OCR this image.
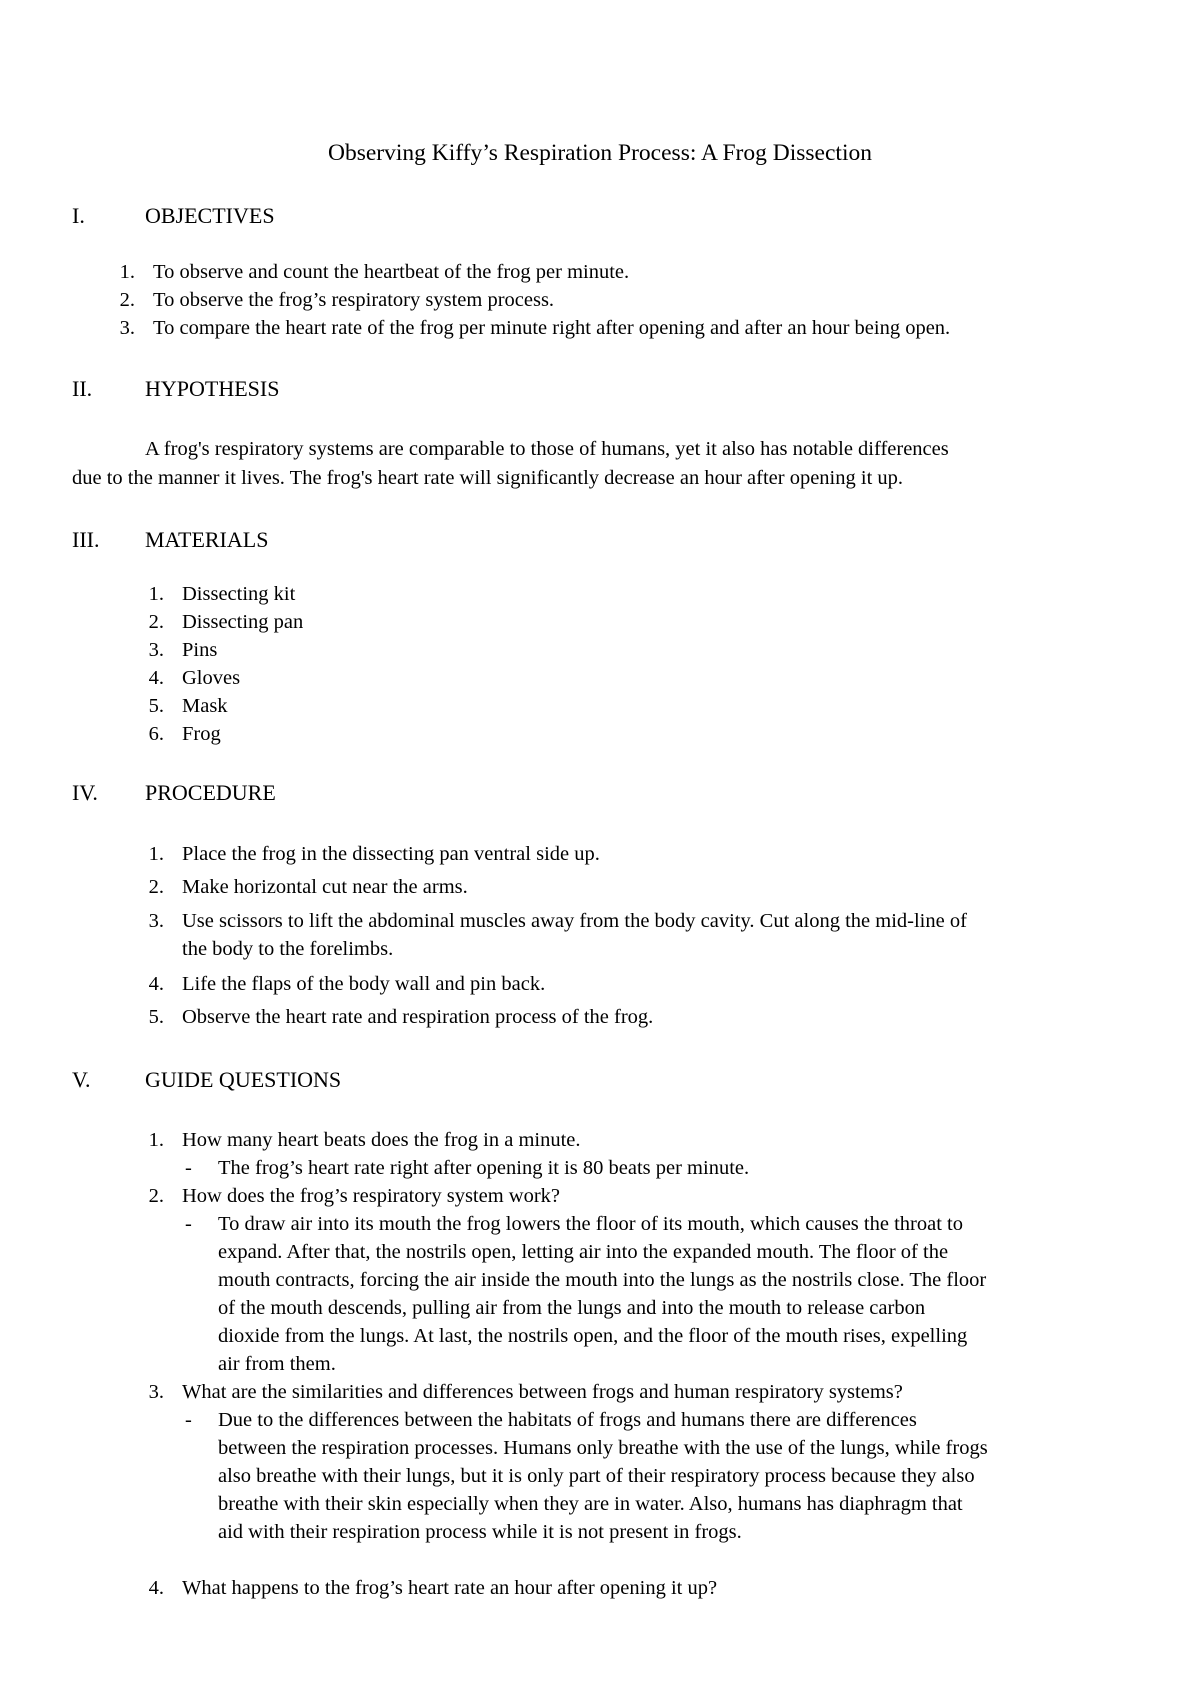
Observing Kiffy’s Respiration Process: A Frog Dissection
I.	OBJECTIVES
1. To observe and count the heartbeat of the frog per minute.
2. To observe the frog’s respiratory system process.
3. To compare the heart rate of the frog per minute right after opening and after an hour being open.
II. HYPOTHESIS
A frog's respiratory systems are comparable to those of humans, yet it also has notable differences
due to the manner it lives. The frog's heart rate will significantly decrease an hour after opening it up.
III. MATERIALS
1. Dissecting kit
2. Dissecting pan
3. Pins
4. Gloves
5. Mask
6. Frog
IV. PROCEDURE
1. Place the frog in the dissecting pan ventral side up.
2. Make horizontal cut near the arms.
3. Use scissors to lift the abdominal muscles away from the body cavity. Cut along the mid-line of
the body to the forelimbs.
4. Life the flaps of the body wall and pin back.
5. Observe the heart rate and respiration process of the frog.
V. GUIDE QUESTIONS
1. How many heart beats does the frog in a minute.
- The frog’s heart rate right after opening it is 80 beats per minute.
2. How does the frog’s respiratory system work?
- To draw air into its mouth the frog lowers the floor of its mouth, which causes the throat to
expand. After that, the nostrils open, letting air into the expanded mouth. The floor of the
mouth contracts, forcing the air inside the mouth into the lungs as the nostrils close. The floor
of the mouth descends, pulling air from the lungs and into the mouth to release carbon
dioxide from the lungs. At last, the nostrils open, and the floor of the mouth rises, expelling
air from them.
3. What are the similarities and differences between frogs and human respiratory systems?
- Due to the differences between the habitats of frogs and humans there are differences
between the respiration processes. Humans only breathe with the use of the lungs, while frogs
also breathe with their lungs, but it is only part of their respiratory process because they also
breathe with their skin especially when they are in water. Also, humans has diaphragm that
aid with their respiration process while it is not present in frogs.
4. What happens to the frog’s heart rate an hour after opening it up?
